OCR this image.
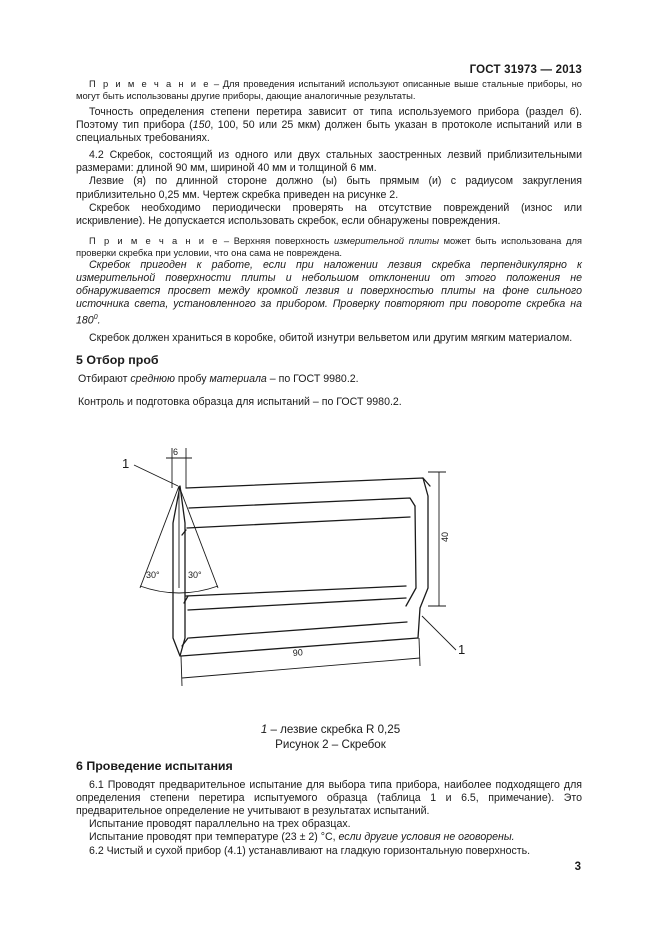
ГОСТ 31973 — 2013

П р и м е ч а н и е – Для проведения испытаний используют описанные выше стальные приборы, но могут быть использованы другие приборы, дающие аналогичные результаты.

Точность определения степени перетира зависит от типа используемого прибора (раздел 6). Поэтому тип прибора (150, 100, 50 или 25 мкм) должен быть указан в протоколе испытаний или в специальных требованиях.

4.2 Скребок, состоящий из одного или двух стальных заостренных лезвий приблизительными размерами: длиной 90 мм, шириной 40 мм и толщиной 6 мм.

Лезвие (я) по длинной стороне должно (ы) быть прямым (и) с радиусом закругления приблизительно 0,25 мм. Чертеж скребка приведен на рисунке 2.

Скребок необходимо периодически проверять на отсутствие повреждений (износ или искривление). Не допускается использовать скребок, если обнаружены повреждения.

П р и м е ч а н и е – Верхняя поверхность измерительной плиты может быть использована для проверки скребка при условии, что она сама не повреждена.

Скребок пригоден к работе, если при наложении лезвия скребка перпендикулярно к измерительной поверхности плиты и небольшом отклонении от этого положения не обнаруживается просвет между кромкой лезвия и поверхностью плиты на фоне сильного источника света, установленного за прибором. Проверку повторяют при повороте скребка на $180^0$.

Скребок должен храниться в коробке, обитой изнутри вельветом или другим мягким материалом.

5 Отбор проб

Отбирают среднюю пробу материала – по ГОСТ 9980.2.

Контроль и подготовка образца для испытаний – по ГОСТ 9980.2.

1
6
30°	30°
40
90	1
1 – лезвие скребка R 0,25
Рисунок 2 – Скребок

6 Проведение испытания

6.1 Проводят предварительное испытание для выбора типа прибора, наиболее подходящего для определения степени перетира испытуемого образца (таблица 1 и 6.5, примечание). Это предварительное определение не учитывают в результатах испытаний.

Испытание проводят параллельно на трех образцах.

Испытание проводят при температуре (23 ± 2) °C, если другие условия не оговорены.

6.2 Чистый и сухой прибор (4.1) устанавливают на гладкую горизонтальную поверхность.

3
